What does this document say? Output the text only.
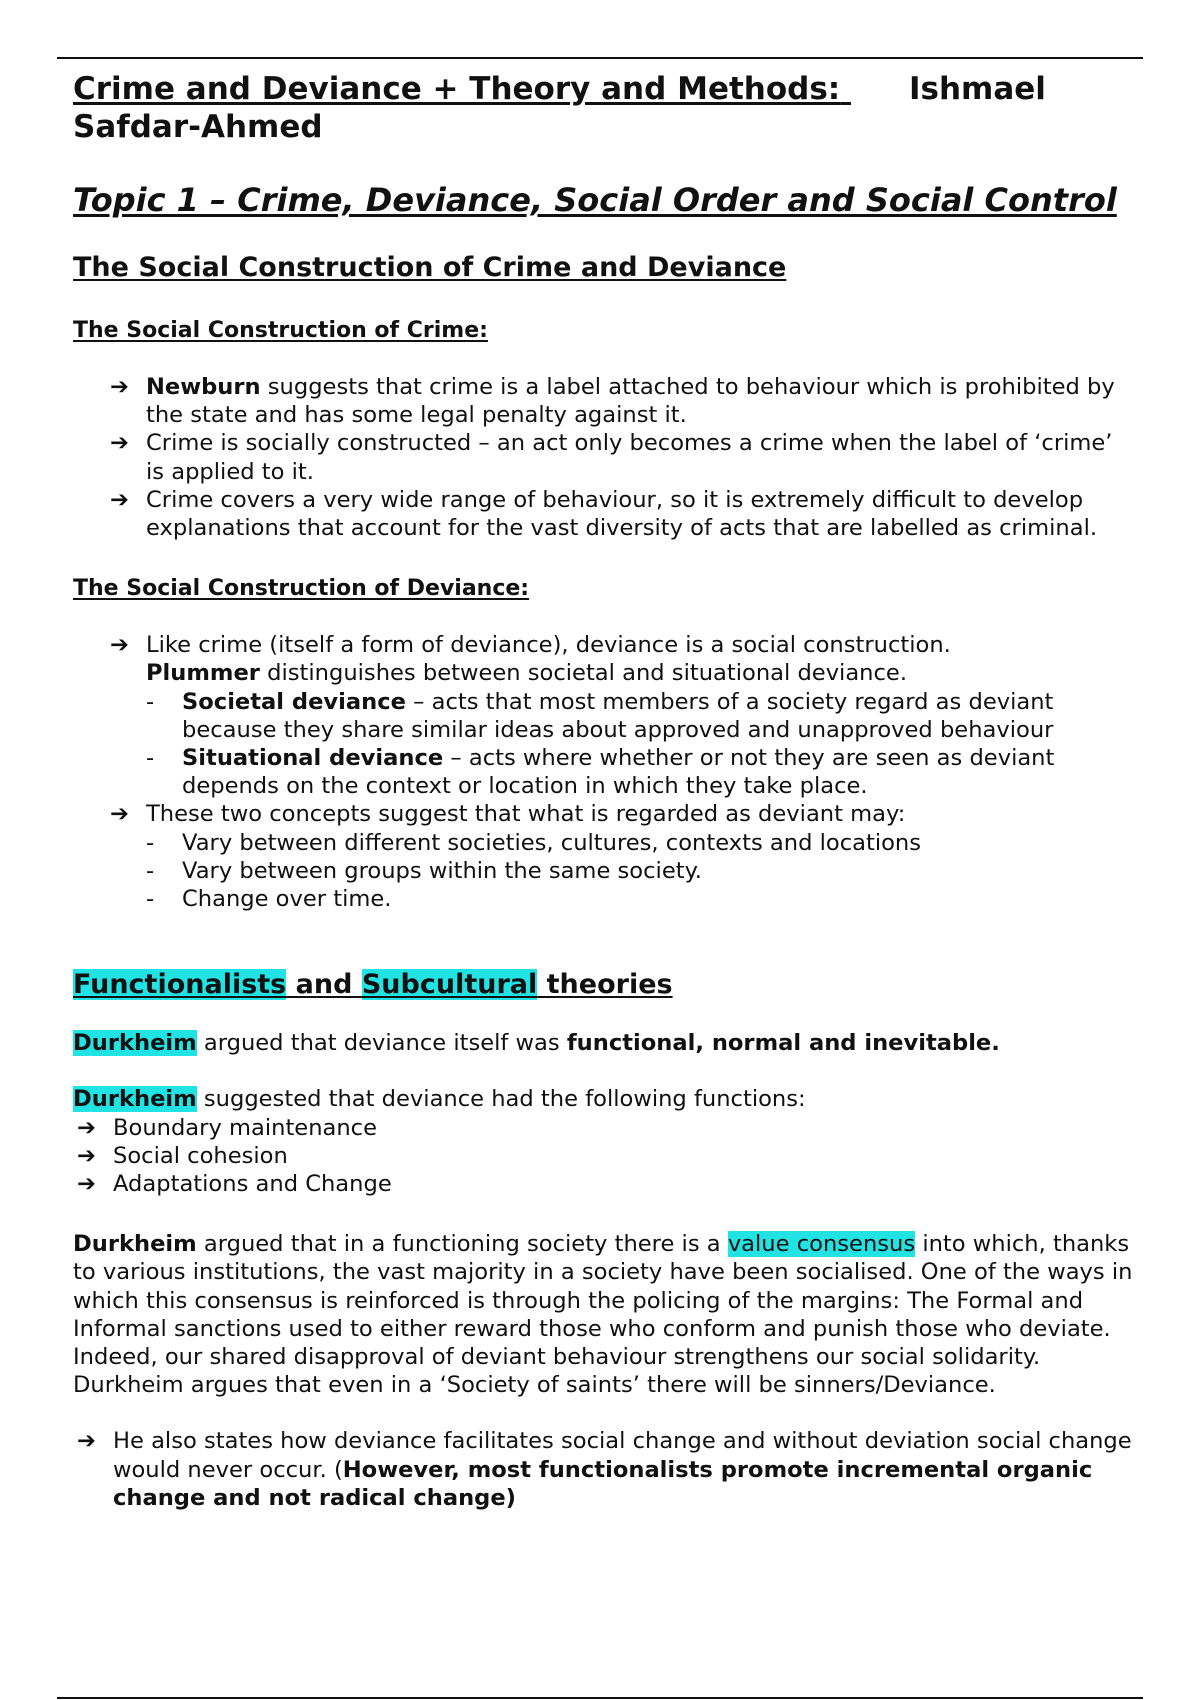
Crime and Deviance + Theory and Methods: Ishmael
Safdar-Ahmed
Topic 1 – Crime, Deviance, Social Order and Social Control
The Social Construction of Crime and Deviance
The Social Construction of Crime:
➔ Newburn suggests that crime is a label attached to behaviour which is prohibited by the state and has some legal penalty against it.
➔ Crime is socially constructed – an act only becomes a crime when the label of ‘crime’ is applied to it.
➔ Crime covers a very wide range of behaviour, so it is extremely difficult to develop explanations that account for the vast diversity of acts that are labelled as criminal.
The Social Construction of Deviance:
➔ Like crime (itself a form of deviance), deviance is a social construction.
Plummer distinguishes between societal and situational deviance.
- Societal deviance – acts that most members of a society regard as deviant because they share similar ideas about approved and unapproved behaviour
- Situational deviance – acts where whether or not they are seen as deviant depends on the context or location in which they take place.
➔ These two concepts suggest that what is regarded as deviant may:
- Vary between different societies, cultures, contexts and locations
- Vary between groups within the same society.
- Change over time.
Functionalists and Subcultural theories

Durkheim argued that deviance itself was functional, normal and inevitable.

Durkheim suggested that deviance had the following functions:

➔ Boundary maintenance
➔ Social cohesion
➔ Adaptations and Change

Durkheim argued that in a functioning society there is a value consensus into which, thanks to various institutions, the vast majority in a society have been socialised. One of the ways in which this consensus is reinforced is through the policing of the margins: The Formal and Informal sanctions used to either reward those who conform and punish those who deviate. Indeed, our shared disapproval of deviant behaviour strengthens our social solidarity. Durkheim argues that even in a ‘Society of saints’ there will be sinners/Deviance.

➔ He also states how deviance facilitates social change and without deviation social change would never occur. (However, most functionalists promote incremental organic change and not radical change)
